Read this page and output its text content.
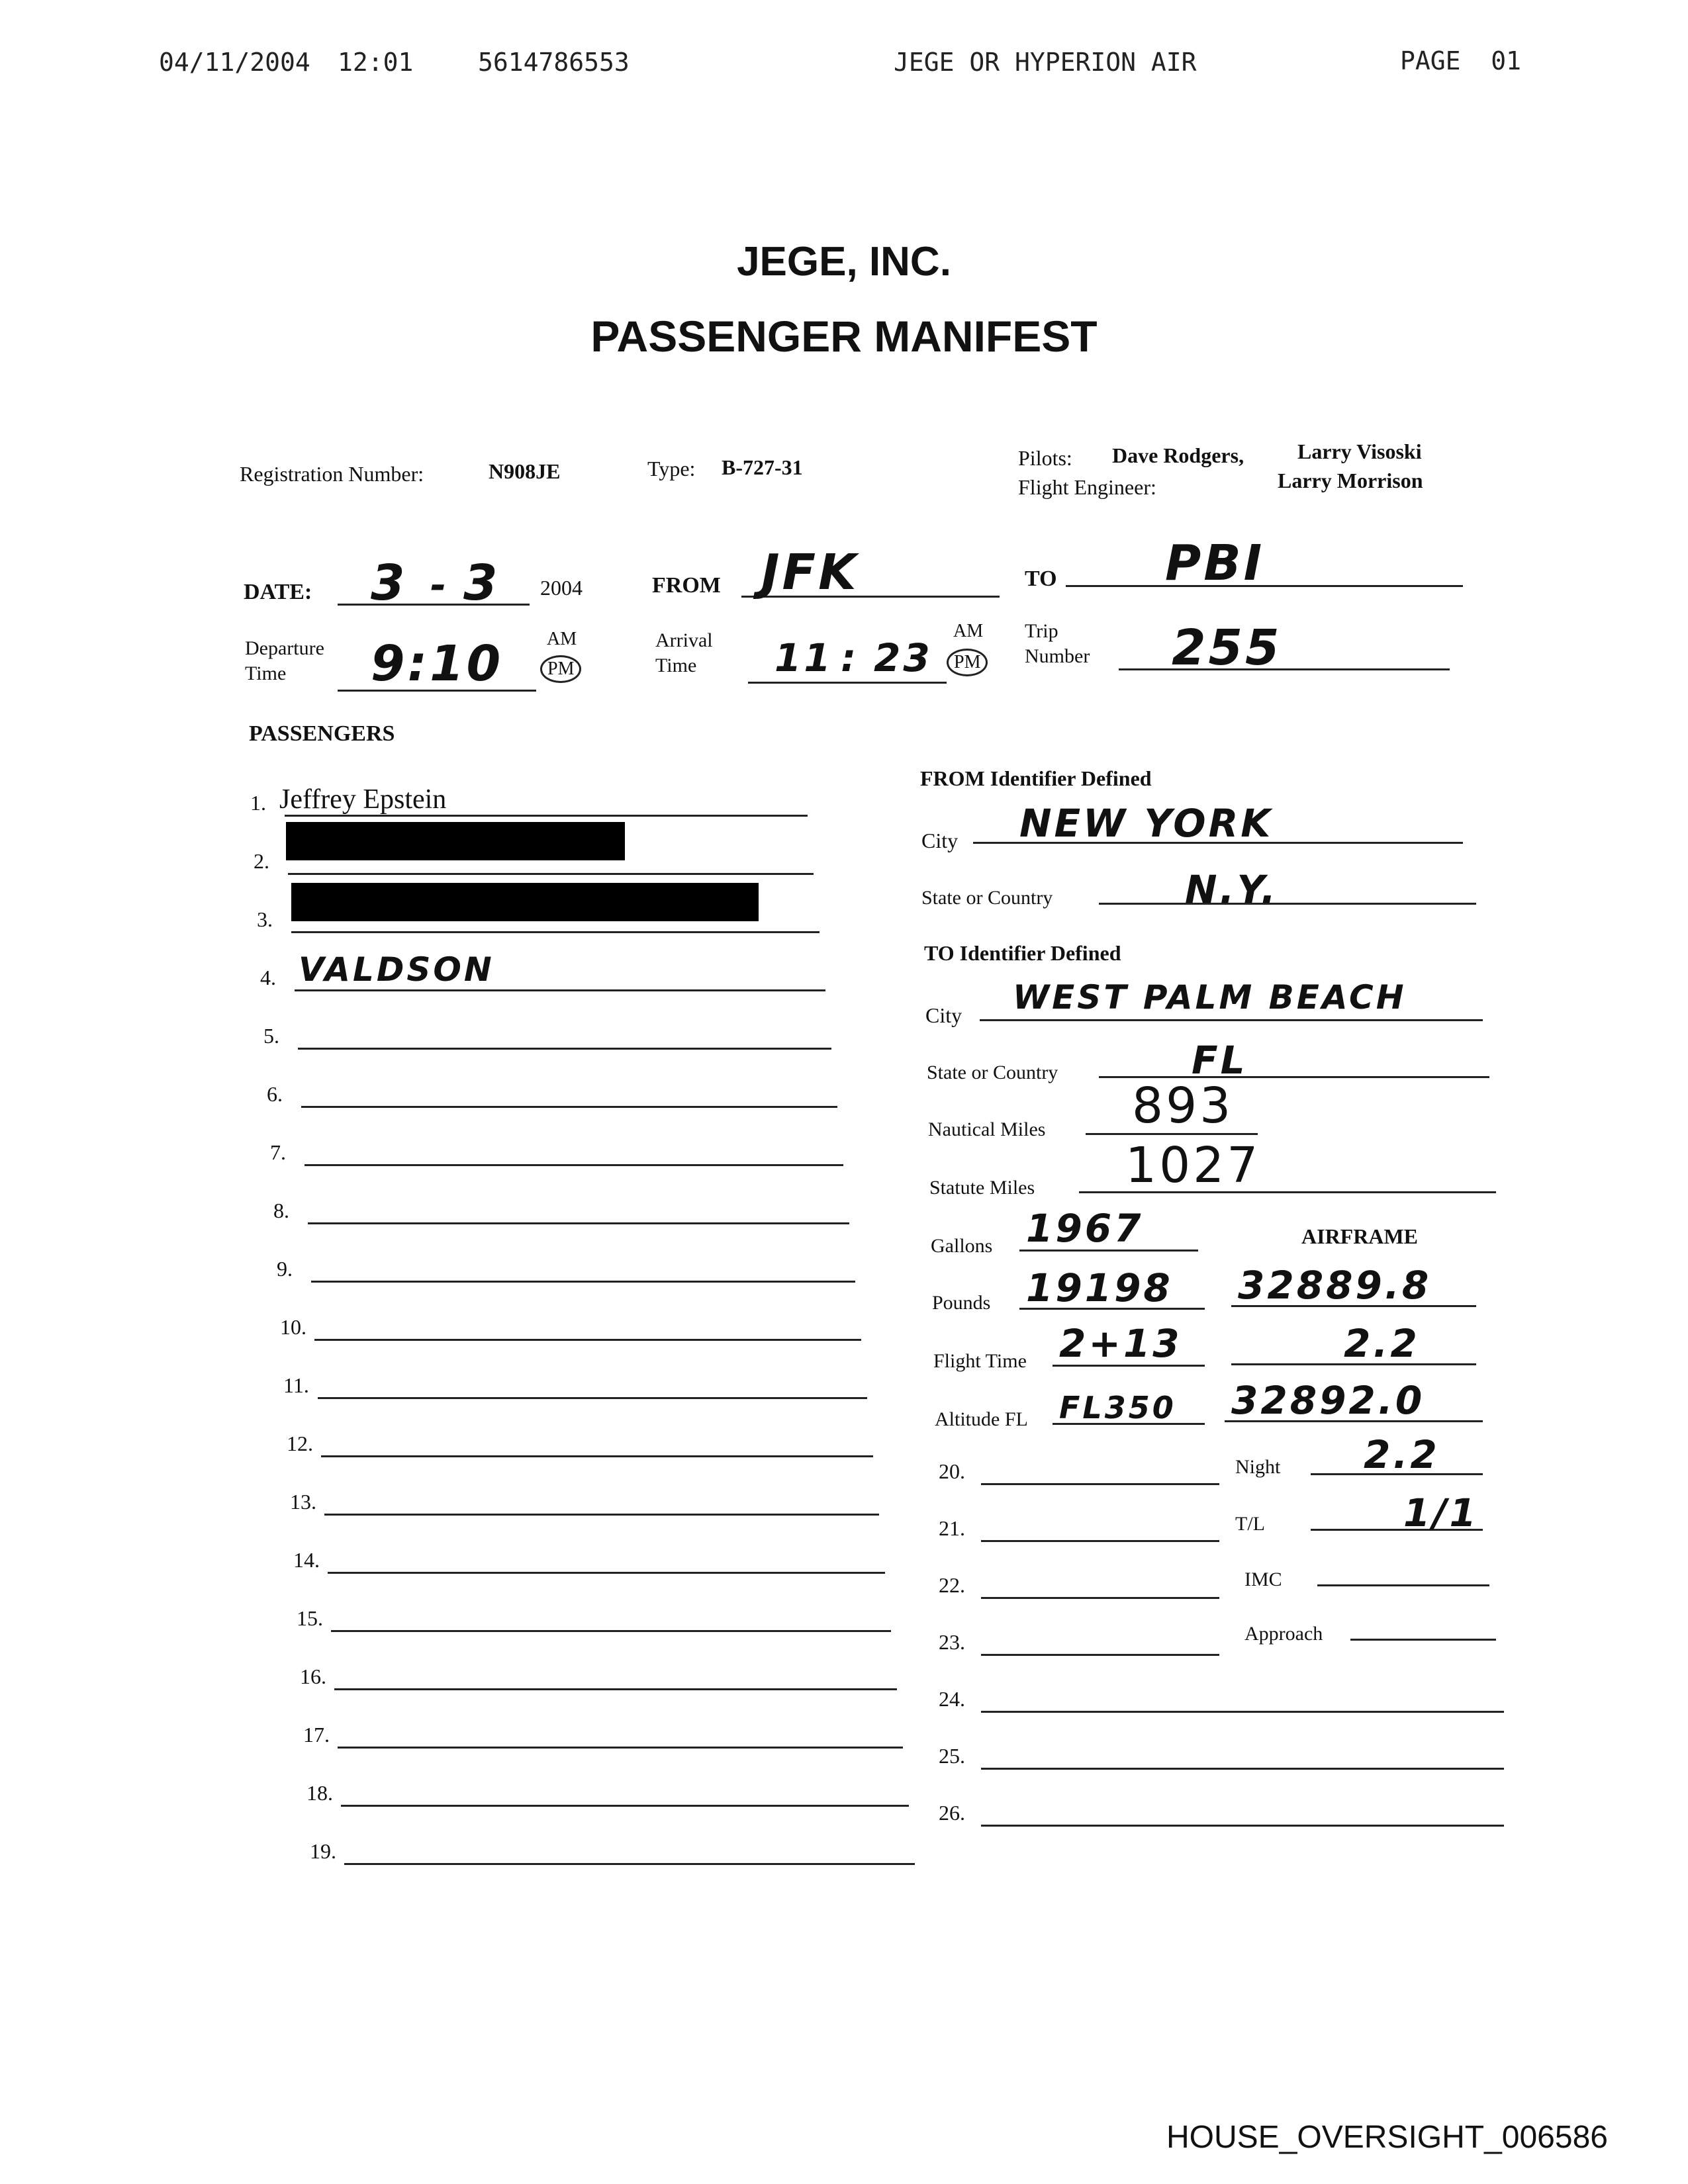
04/11/2004 12:01	5614786553	JEGE OR HYPERION AIR	PAGE  01
JEGE, INC.
PASSENGER MANIFEST
Registration Number:	N908JE	Type: B-727-31	Pilots: Dave Rodgers,	Larry Visoski
Flight Engineer:	Larry Morrison
DATE: 3 - 3 2004	FROM JFK	TO PBI
Departure
Time 9:10 AM
PM
Arrival
Time 11 : 23
AM
PM
Trip
Number 255
PASSENGERS
1. Jeffrey Epstein
2.
3.
4. VALDSON
5.
6.
7.
8.
9.
10.
11.
12.
13.
14.
15.
16.
17.
18.
19.
FROM Identifier Defined
City NEW YORK
State or Country	N.Y.
TO Identifier Defined
City WEST PALM BEACH
State or Country	FL
Nautical Miles 893
Statute Miles 1027
Gallons 1967	AIRFRAME
Pounds 19198 32889.8
Flight Time 2+13	2.2
Altitude FL FL350 32892.0
Night 2.2
T/L	1/1
IMC
Approach
20.
21.
22.
23.
24.
25.
26.
HOUSE_OVERSIGHT_006586
